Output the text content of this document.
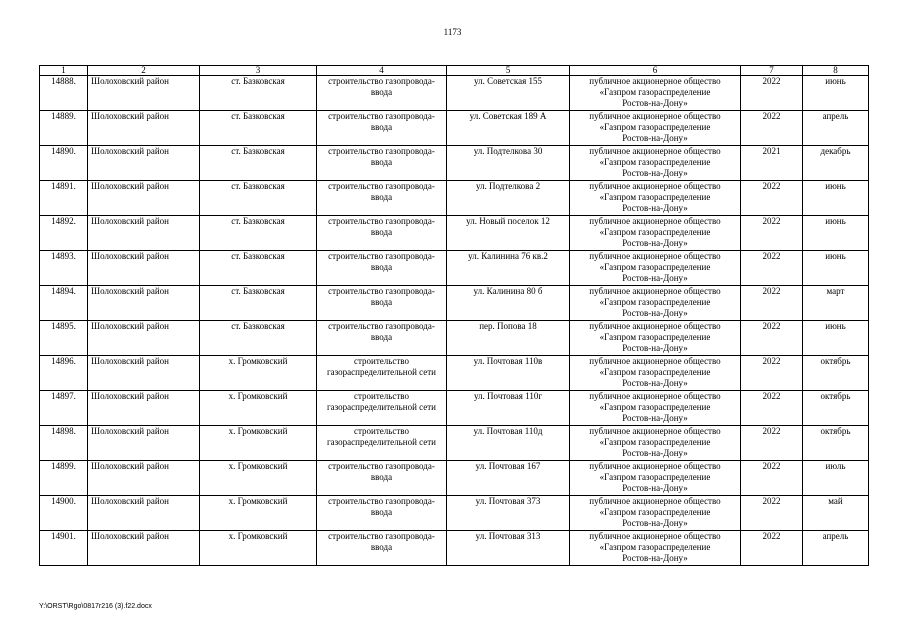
1173
1	2	3	4	5	6	7	8
14888.	Шолоховский район	ст. Базковская	строительство газопровода-ввода	ул. Советская 155	публичное акционерное общество
«Газпром газораспределение
Ростов-на-Дону»	2022	июнь
14889.	Шолоховский район	ст. Базковская	строительство газопровода-ввода	ул. Советская 189 А	публичное акционерное общество
«Газпром газораспределение
Ростов-на-Дону»	2022	апрель
14890.	Шолоховский район	ст. Базковская	строительство газопровода-ввода	ул. Подтелкова 30	публичное акционерное общество
«Газпром газораспределение
Ростов-на-Дону»	2021	декабрь
14891.	Шолоховский район	ст. Базковская	строительство газопровода-ввода	ул. Подтелкова 2	публичное акционерное общество
«Газпром газораспределение
Ростов-на-Дону»	2022	июнь
14892.	Шолоховский район	ст. Базковская	строительство газопровода-ввода	ул. Новый поселок 12	публичное акционерное общество
«Газпром газораспределение
Ростов-на-Дону»	2022	июнь
14893.	Шолоховский район	ст. Базковская	строительство газопровода-ввода	ул. Калинина 76 кв.2	публичное акционерное общество
«Газпром газораспределение
Ростов-на-Дону»	2022	июнь
14894.	Шолоховский район	ст. Базковская	строительство газопровода-ввода	ул. Калинина 80 б	публичное акционерное общество
«Газпром газораспределение
Ростов-на-Дону»	2022	март
14895.	Шолоховский район	ст. Базковская	строительство газопровода-ввода	пер. Попова 18	публичное акционерное общество
«Газпром газораспределение
Ростов-на-Дону»	2022	июнь
14896.	Шолоховский район	х. Громковский	строительство газораспределительной сети	ул. Почтовая 110в	публичное акционерное общество
«Газпром газораспределение
Ростов-на-Дону»	2022	октябрь
14897.	Шолоховский район	х. Громковский	строительство газораспределительной сети	ул. Почтовая 110г	публичное акционерное общество
«Газпром газораспределение
Ростов-на-Дону»	2022	октябрь
14898.	Шолоховский район	х. Громковский	строительство газораспределительной сети	ул. Почтовая 110д	публичное акционерное общество
«Газпром газораспределение
Ростов-на-Дону»	2022	октябрь
14899.	Шолоховский район	х. Громковский	строительство газопровода-ввода	ул. Почтовая 167	публичное акционерное общество
«Газпром газораспределение
Ростов-на-Дону»	2022	июль
14900.	Шолоховский район	х. Громковский	строительство газопровода-ввода	ул. Почтовая 373	публичное акционерное общество
«Газпром газораспределение
Ростов-на-Дону»	2022	май
14901.	Шолоховский район	х. Громковский	строительство газопровода-ввода	ул. Почтовая 313	публичное акционерное общество
«Газпром газораспределение
Ростов-на-Дону»	2022	апрель
Y:\ORST\Rgo\0817r216 (3).f22.docx
